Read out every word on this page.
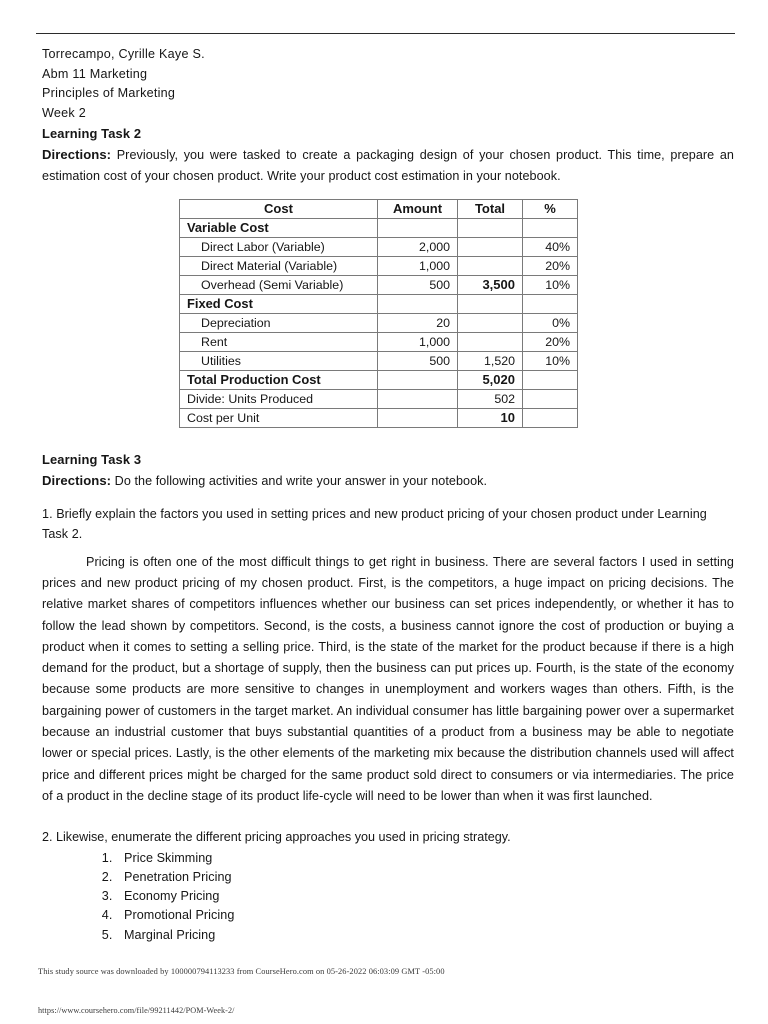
Torrecampo, Cyrille Kaye S.
Abm 11 Marketing
Principles of Marketing
Week 2
Learning Task 2

Directions: Previously, you were tasked to create a packaging design of your chosen product. This time, prepare an estimation cost of your chosen product. Write your product cost estimation in your notebook.

Cost	Amount	Total	%
Variable Cost			
Direct Labor (Variable)	2,000		40%
Direct Material (Variable)	1,000		20%
Overhead (Semi Variable)	500	3,500	10%
Fixed Cost			
Depreciation	20		0%
Rent	1,000		20%
Utilities	500	1,520	10%
Total Production Cost		5,020	
Divide: Units Produced		502	
Cost per Unit		10	
Learning Task 3

Directions: Do the following activities and write your answer in your notebook.

1. Briefly explain the factors you used in setting prices and new product pricing of your chosen product under Learning Task 2.

Pricing is often one of the most difficult things to get right in business. There are several factors I used in setting prices and new product pricing of my chosen product. First, is the competitors, a huge impact on pricing decisions. The relative market shares of competitors influences whether our business can set prices independently, or whether it has to follow the lead shown by competitors. Second, is the costs, a business cannot ignore the cost of production or buying a product when it comes to setting a selling price. Third, is the state of the market for the product because if there is a high demand for the product, but a shortage of supply, then the business can put prices up. Fourth, is the state of the economy because some products are more sensitive to changes in unemployment and workers wages than others. Fifth, is the bargaining power of customers in the target market. An individual consumer has little bargaining power over a supermarket because an industrial customer that buys substantial quantities of a product from a business may be able to negotiate lower or special prices. Lastly, is the other elements of the marketing mix because the distribution channels used will affect price and different prices might be charged for the same product sold direct to consumers or via intermediaries. The price of a product in the decline stage of its product life-cycle will need to be lower than when it was first launched.

2. Likewise, enumerate the different pricing approaches you used in pricing strategy.
1. Price Skimming
2. Penetration Pricing
3. Economy Pricing
4. Promotional Pricing
5. Marginal Pricing
This study source was downloaded by 100000794113233 from CourseHero.com on 05-26-2022 06:03:09 GMT -05:00
https://www.coursehero.com/file/99211442/POM-Week-2/
